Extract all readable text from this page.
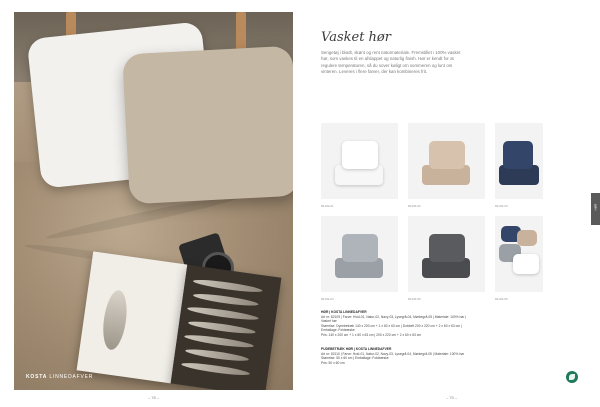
KOSTA LINNEDAFVER
– 78 –
Vasket hør
Sengetøj i blødt, skønt og rent naturmateriale. Fremstillet i 100% vasket hør, som vaskes til en afslappet og naturlig finish. Hør er kendt for at regulere temperaturen, så du sover køligt om sommeren og lunt om vinteren. Leveres i flere farver, der kan kombineres frit.
82109-01	82109-02	82109-03
82109-04	82109-05	82109-06
HØR | KOSTA LINNEDAFVER
Art nr: 82109 | Farve: Hvid-01, Natur-02, Navy-03, Lysegrå-04, Mørkegrå-05 | Materiale: 100% hør | Vasket hør
Størrelse: Dynebetræk 140 x 200 cm + 1 x 60 x 63 cm | Dobbelt 200 x 220 cm + 2 x 60 x 63 cm | Emballage: Foldeæske
Pris: 140 x 200 cm + 1 x 60 x 63 cm | 200 x 220 cm + 2 x 60 x 63 cm
PUDEBETRÆK HØR | KOSTA LINNEDAFVER
Art nr: 82110 | Farve: Hvid-01, Natur-02, Navy-03, Lysegrå-04, Mørkegrå-05 | Materiale: 100% hør
Størrelse: 50 x 60 cm | Emballage: Foldeæske
Pris: 50 x 60 cm
HØR
– 79 –
